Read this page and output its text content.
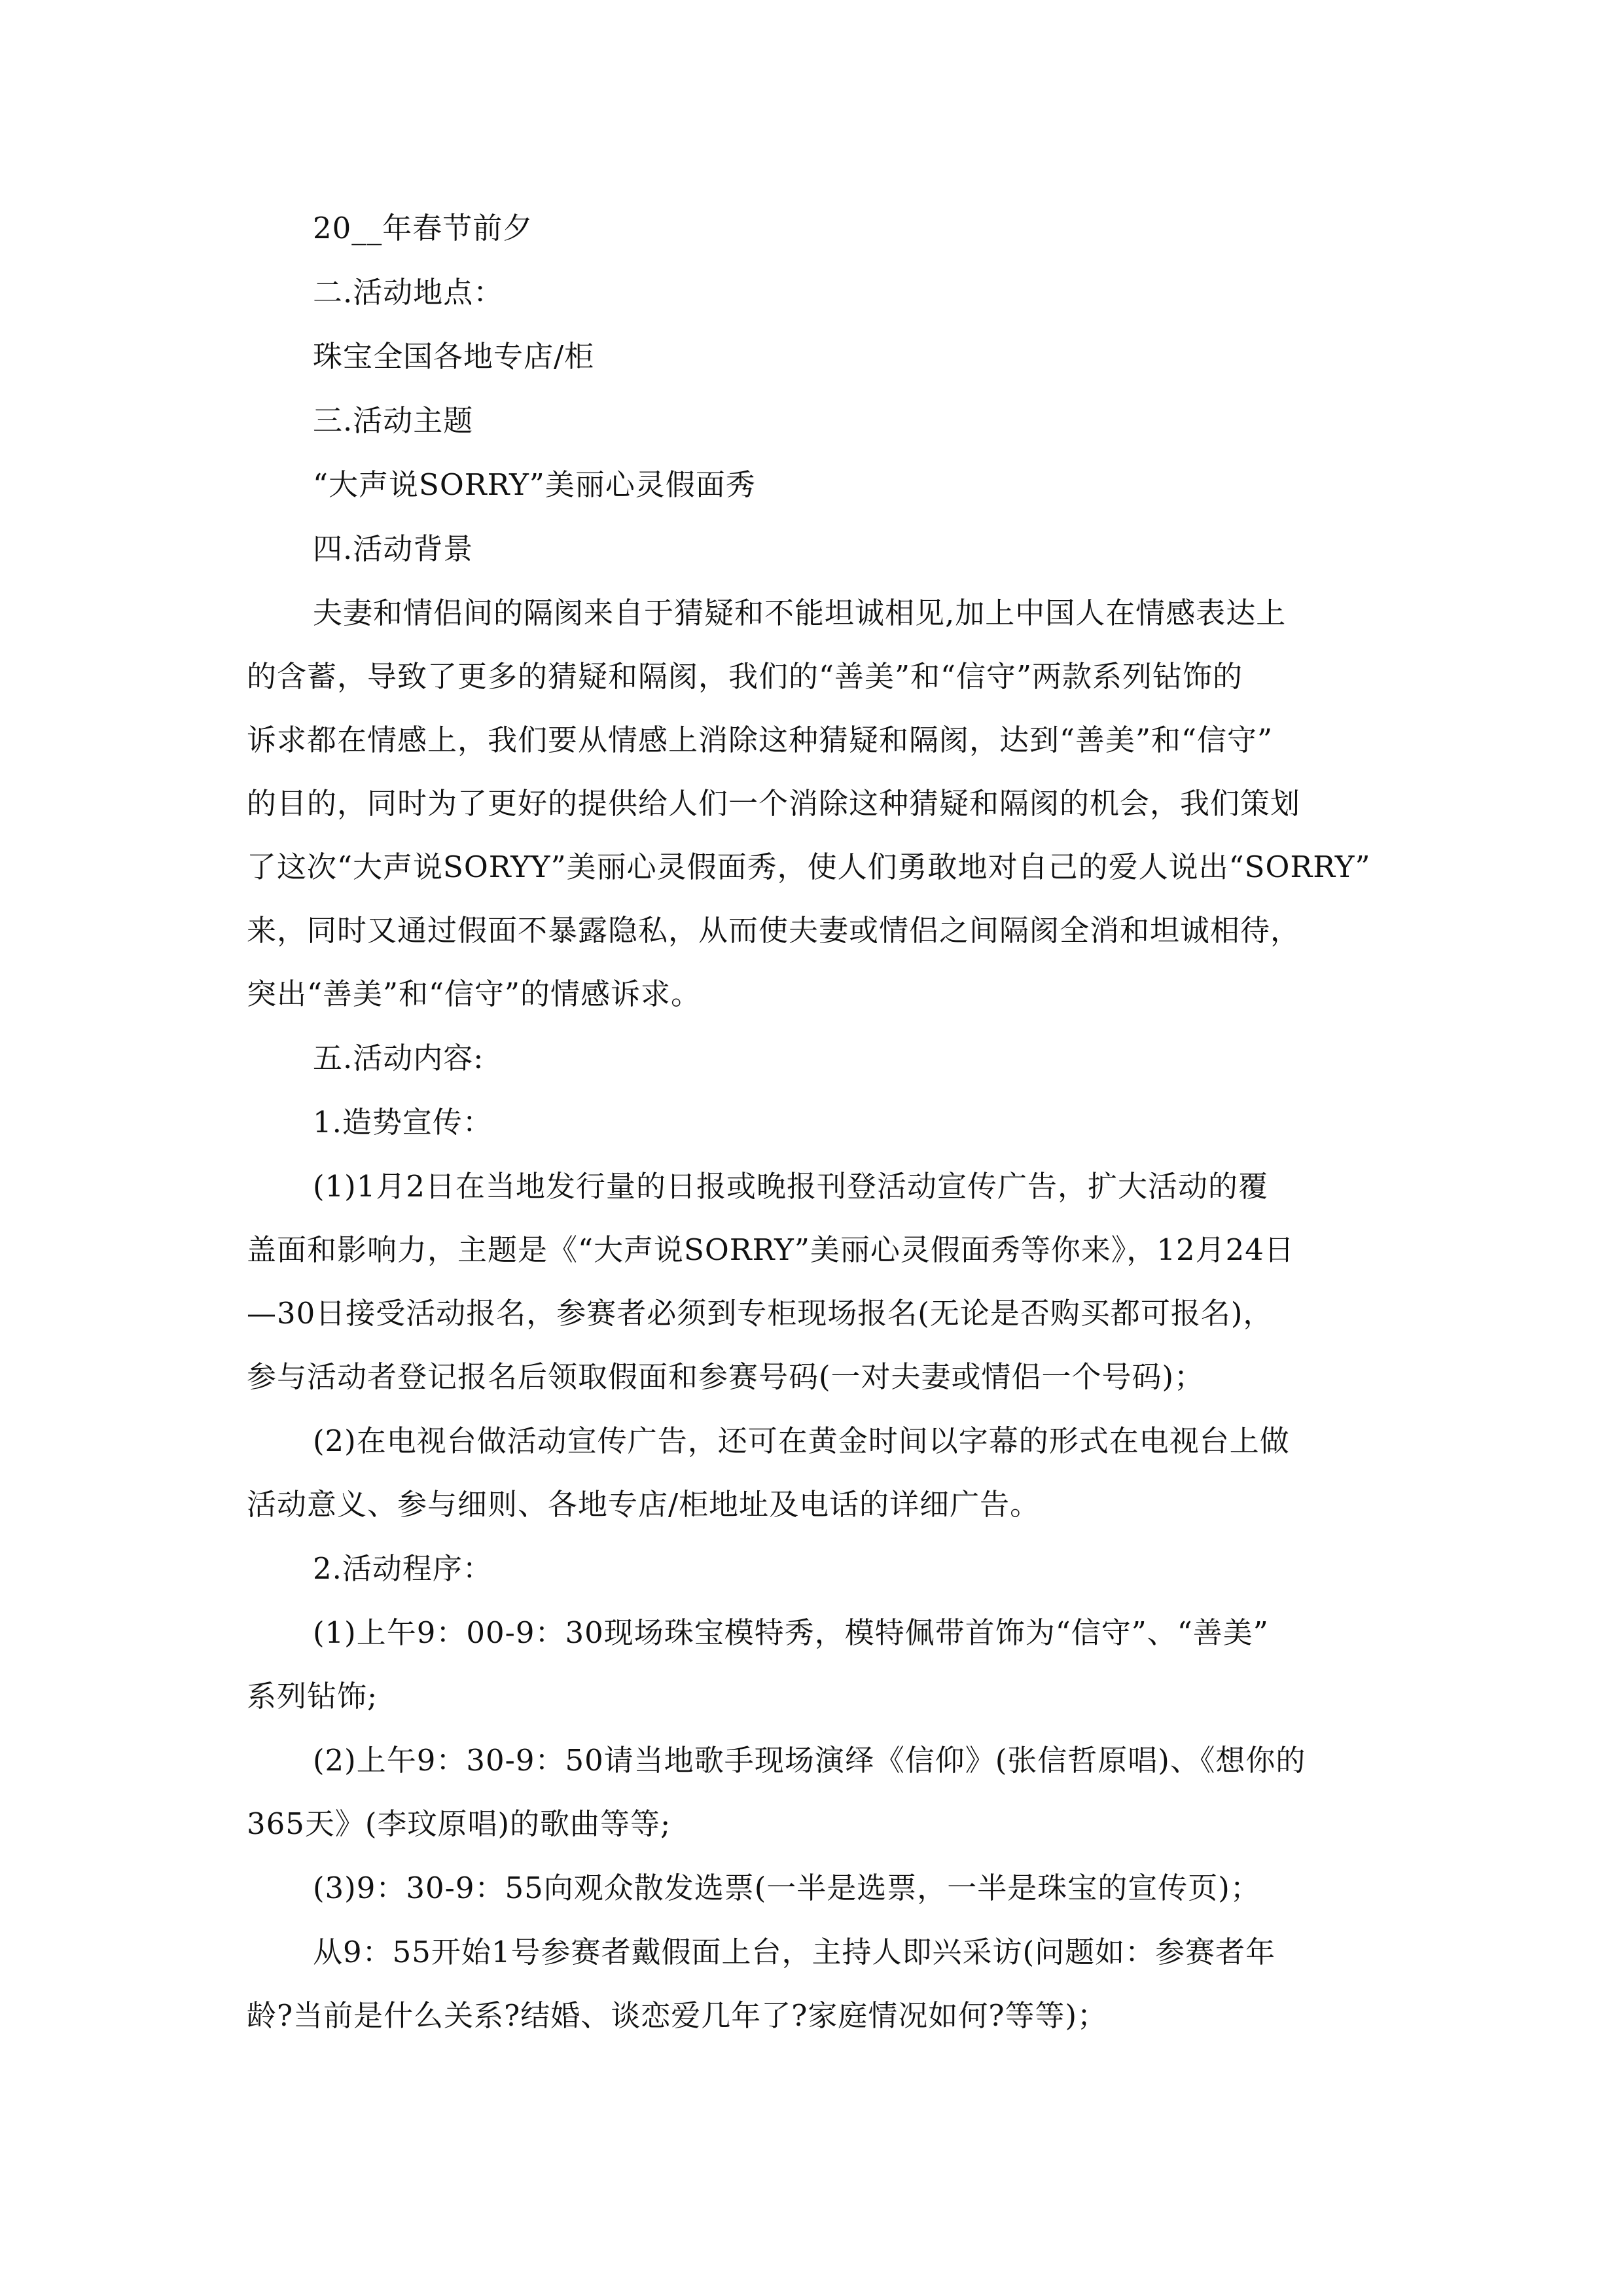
20__年春节前夕
二.活动地点：
珠宝全国各地专店/柜
三.活动主题
“大声说SORRY”美丽心灵假面秀
四.活动背景
夫妻和情侣间的隔阂来自于猜疑和不能坦诚相见,加上中国人在情感表达上
的含蓄，导致了更多的猜疑和隔阂，我们的“善美”和“信守”两款系列钻饰的
诉求都在情感上，我们要从情感上消除这种猜疑和隔阂，达到“善美”和“信守”
的目的，同时为了更好的提供给人们一个消除这种猜疑和隔阂的机会，我们策划
了这次“大声说SORYY”美丽心灵假面秀，使人们勇敢地对自己的爱人说出“SORRY”
来，同时又通过假面不暴露隐私，从而使夫妻或情侣之间隔阂全消和坦诚相待，
突出“善美”和“信守”的情感诉求。
五.活动内容:
1.造势宣传：
(1)1月2日在当地发行量的日报或晚报刊登活动宣传广告，扩大活动的覆
盖面和影响力，主题是《“大声说SORRY”美丽心灵假面秀等你来》，12月24日
—30日接受活动报名，参赛者必须到专柜现场报名(无论是否购买都可报名)，
参与活动者登记报名后领取假面和参赛号码(一对夫妻或情侣一个号码)；
(2)在电视台做活动宣传广告，还可在黄金时间以字幕的形式在电视台上做
活动意义、参与细则、各地专店/柜地址及电话的详细广告。
2.活动程序：
(1)上午9：00-9：30现场珠宝模特秀，模特佩带首饰为“信守”、“善美”
系列钻饰;
(2)上午9：30-9：50请当地歌手现场演绎《信仰》(张信哲原唱)、《想你的
365天》(李玟原唱)的歌曲等等;
(3)9：30-9：55向观众散发选票(一半是选票，一半是珠宝的宣传页)；
从9：55开始1号参赛者戴假面上台，主持人即兴采访(问题如：参赛者年
龄?当前是什么关系?结婚、谈恋爱几年了?家庭情况如何?等等)；
